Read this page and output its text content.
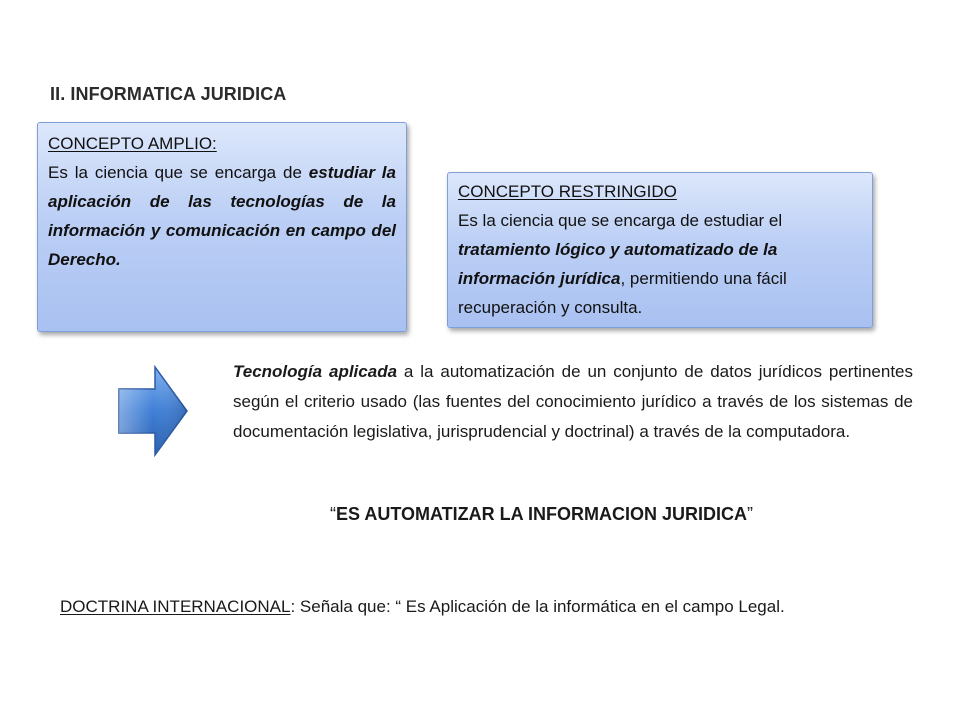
II. INFORMATICA JURIDICA
CONCEPTO AMPLIO:
Es la ciencia que se encarga de estudiar la aplicación de las tecnologías de la información y comunicación en campo del Derecho.
CONCEPTO RESTRINGIDO
Es la ciencia que se encarga de estudiar el tratamiento lógico y automatizado de la información jurídica, permitiendo una fácil recuperación y consulta.

Tecnología aplicada a la automatización de un conjunto de datos jurídicos pertinentes según el criterio usado (las fuentes del conocimiento jurídico a través de los sistemas de documentación legislativa, jurisprudencial y doctrinal) a través de la computadora.

“ES AUTOMATIZAR LA INFORMACION JURIDICA”

DOCTRINA INTERNACIONAL: Señala que: “ Es Aplicación de la informática en el campo Legal.
